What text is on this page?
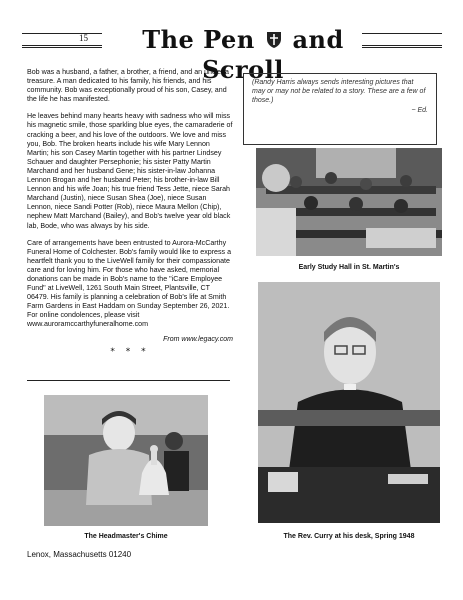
15	The Pen and Scroll

Bob was a husband, a father, a brother, a friend, and an uncle; a treasure. A man dedicated to his family, his friends, and his community. Bob was exceptionally proud of his son, Casey, and the life he has manifested.

He leaves behind many hearts heavy with sadness who will miss his magnetic smile, those sparkling blue eyes, the camaraderie of cracking a beer, and his love of the outdoors. We love and miss you, Bob. The broken hearts include his wife Mary Lennon Martin; his son Casey Martin together with his partner Lindsey Schauer and daughter Persephonie; his sister Patty Martin Marchand and her husband Gene; his sister-in-law Johanna Lennon Brogan and her husband Peter; his brother-in-law Bill Lennon and his wife Joan; his true friend Tess Jette, niece Sarah Marchand (Justin), niece Susan Shea (Joe), niece Susan Lennon, niece Sandi Potter (Rob), niece Maura Mellon (Chip), nephew Matt Marchand (Bailey), and Bob's twelve year old black lab, Bode, who was always by his side.

Care of arrangements have been entrusted to Aurora-McCarthy Funeral Home of Colchester. Bob's family would like to express a heartfelt thank you to the LiveWell family for their compassionate care and for loving him. For those who have asked, memorial donations can be made in Bob's name to the "iCare Employee Fund" at LiveWell, 1261 South Main Street, Plantsville, CT 06479. His family is planning a celebration of Bob's life at Smith Farm Gardens in East Haddam on Sunday September 26, 2021. For online condolences, please visit www.auroramccarthyfuneralhome.com

From www.legacy.com
* * *
(Randy Harris always sends interesting pictures that may or may not be related to a story. These are a few of those.)
~ Ed.
Early Study Hall in St. Martin's
The Rev. Curry at his desk, Spring 1948
The Headmaster's Chime
Lenox, Massachusetts 01240
